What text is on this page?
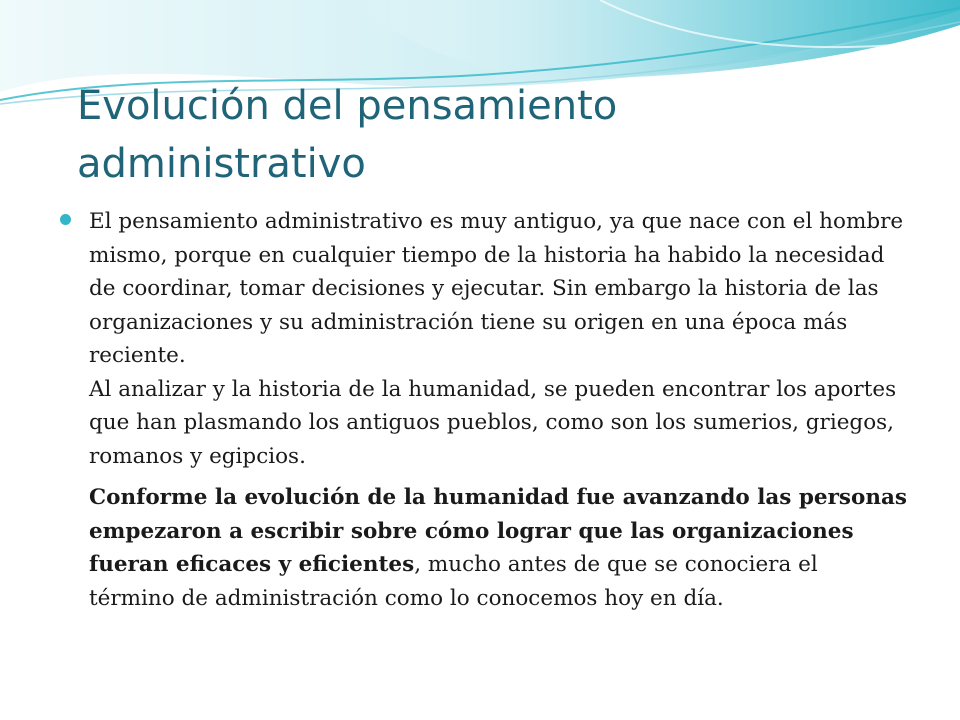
Evolución del pensamiento administrativo

El pensamiento administrativo es muy antiguo, ya que nace con el hombre mismo, porque en cualquier tiempo de la historia ha habido la necesidad de coordinar, tomar decisiones y ejecutar. Sin embargo la historia de las organizaciones y su administración tiene su origen en una época más reciente.

Al analizar y la historia de la humanidad, se pueden encontrar los aportes que han plasmando los antiguos pueblos, como son los sumerios, griegos, romanos y egipcios.

Conforme la evolución de la humanidad fue avanzando las personas empezaron a escribir sobre cómo lograr que las organizaciones fueran eficaces y eficientes, mucho antes de que se conociera el término de administración como lo conocemos hoy en día.
